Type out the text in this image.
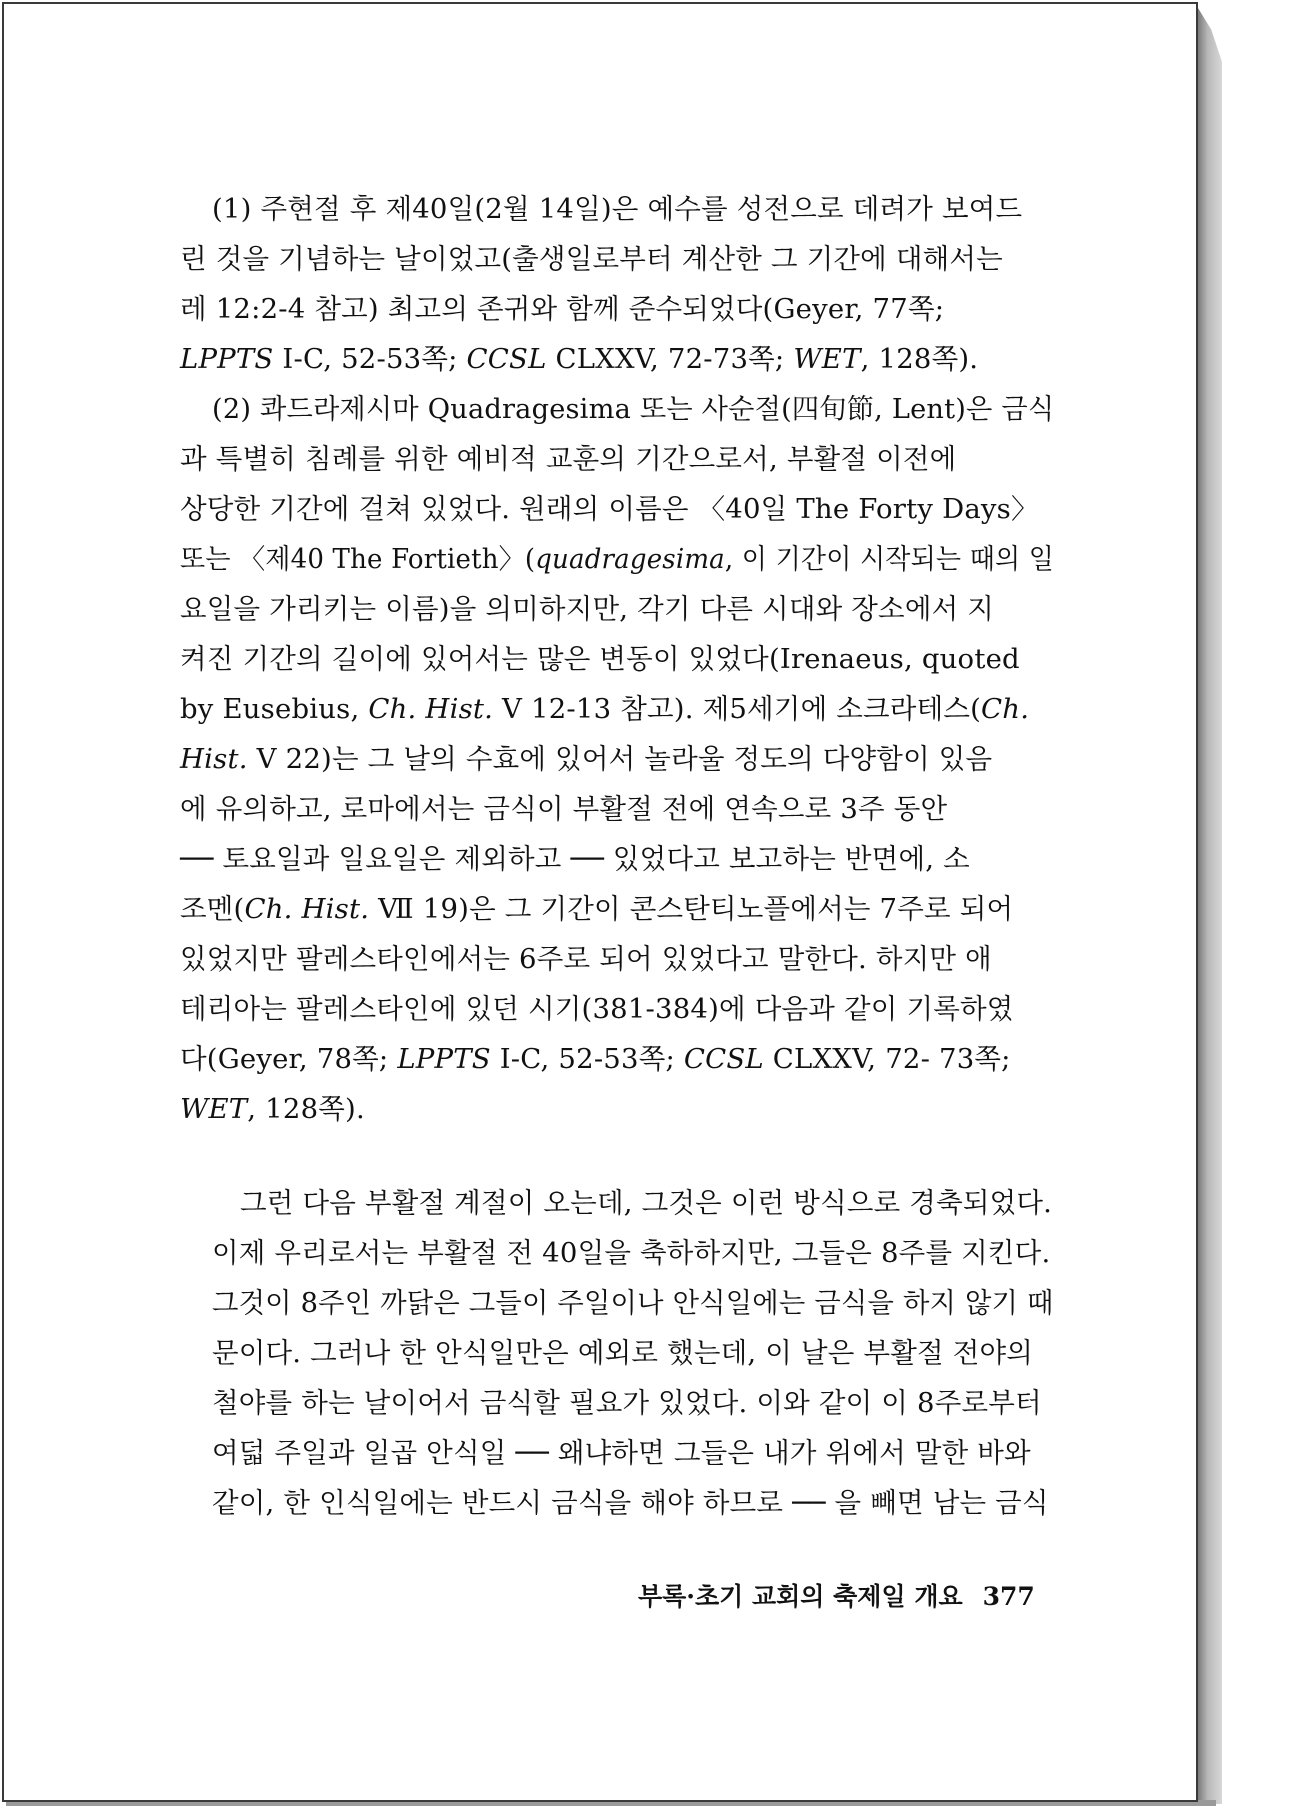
(1) 주현절 후 제40일(2월 14일)은 예수를 성전으로 데려가 보여드
린 것을 기념하는 날이었고(출생일로부터 계산한 그 기간에 대해서는
레 12:2-4 참고) 최고의 존귀와 함께 준수되었다(Geyer, 77쪽;
LPPTS I-C, 52-53쪽; CCSL CLXXV, 72-73쪽; WET, 128쪽).
(2) 콰드라제시마 Quadragesima 또는 사순절(四旬節, Lent)은 금식
과 특별히 침례를 위한 예비적 교훈의 기간으로서, 부활절 이전에
상당한 기간에 걸쳐 있었다. 원래의 이름은 〈40일 The Forty Days〉
또는 〈제40 The Fortieth〉(quadragesima, 이 기간이 시작되는 때의 일
요일을 가리키는 이름)을 의미하지만, 각기 다른 시대와 장소에서 지
켜진 기간의 길이에 있어서는 많은 변동이 있었다(Irenaeus, quoted
by Eusebius, Ch. Hist. V 12-13 참고). 제5세기에 소크라테스(Ch.
Hist. V 22)는 그 날의 수효에 있어서 놀라울 정도의 다양함이 있음
에 유의하고, 로마에서는 금식이 부활절 전에 연속으로 3주 동안
── 토요일과 일요일은 제외하고 ── 있었다고 보고하는 반면에, 소
조멘(Ch. Hist. Ⅶ 19)은 그 기간이 콘스탄티노플에서는 7주로 되어
있었지만 팔레스타인에서는 6주로 되어 있었다고 말한다. 하지만 애
테리아는 팔레스타인에 있던 시기(381-384)에 다음과 같이 기록하였
다(Geyer, 78쪽; LPPTS I-C, 52-53쪽; CCSL CLXXV, 72- 73쪽;
WET, 128쪽).
그런 다음 부활절 계절이 오는데, 그것은 이런 방식으로 경축되었다.
이제 우리로서는 부활절 전 40일을 축하하지만, 그들은 8주를 지킨다.
그것이 8주인 까닭은 그들이 주일이나 안식일에는 금식을 하지 않기 때
문이다. 그러나 한 안식일만은 예외로 했는데, 이 날은 부활절 전야의
철야를 하는 날이어서 금식할 필요가 있었다. 이와 같이 이 8주로부터
여덟 주일과 일곱 안식일 ── 왜냐하면 그들은 내가 위에서 말한 바와
같이, 한 인식일에는 반드시 금식을 해야 하므로 ── 을 빼면 남는 금식
부록·초기 교회의 축제일 개요 377
